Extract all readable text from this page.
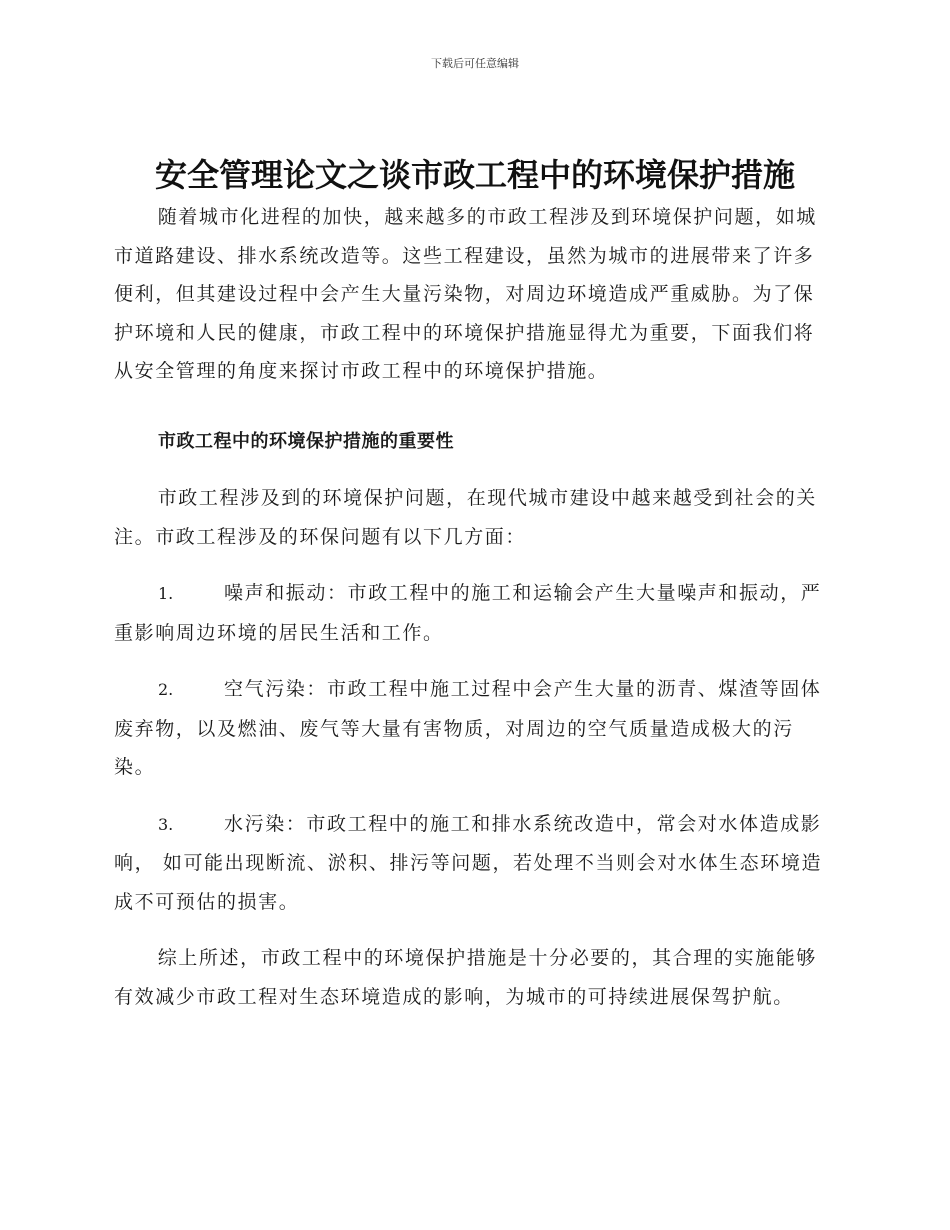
下载后可任意编辑
安全管理论文之谈市政工程中的环境保护措施

随着城市化进程的加快，越来越多的市政工程涉及到环境保护问题，如城市道路建设、排水系统改造等。这些工程建设，虽然为城市的进展带来了许多便利，但其建设过程中会产生大量污染物，对周边环境造成严重威胁。为了保护环境和人民的健康，市政工程中的环境保护措施显得尤为重要，下面我们将从安全管理的角度来探讨市政工程中的环境保护措施。

市政工程中的环境保护措施的重要性

市政工程涉及到的环境保护问题，在现代城市建设中越来越受到社会的关注。市政工程涉及的环保问题有以下几方面：

1.	噪声和振动：市政工程中的施工和运输会产生大量噪声和振动，严重影响周边环境的居民生活和工作。

2.	空气污染：市政工程中施工过程中会产生大量的沥青、煤渣等固体废弃物，以及燃油、废气等大量有害物质，对周边的空气质量造成极大的污染。

3.	水污染：市政工程中的施工和排水系统改造中，常会对水体造成影响， 如可能出现断流、淤积、排污等问题，若处理不当则会对水体生态环境造成不可预估的损害。

综上所述，市政工程中的环境保护措施是十分必要的，其合理的实施能够有效减少市政工程对生态环境造成的影响，为城市的可持续进展保驾护航。
